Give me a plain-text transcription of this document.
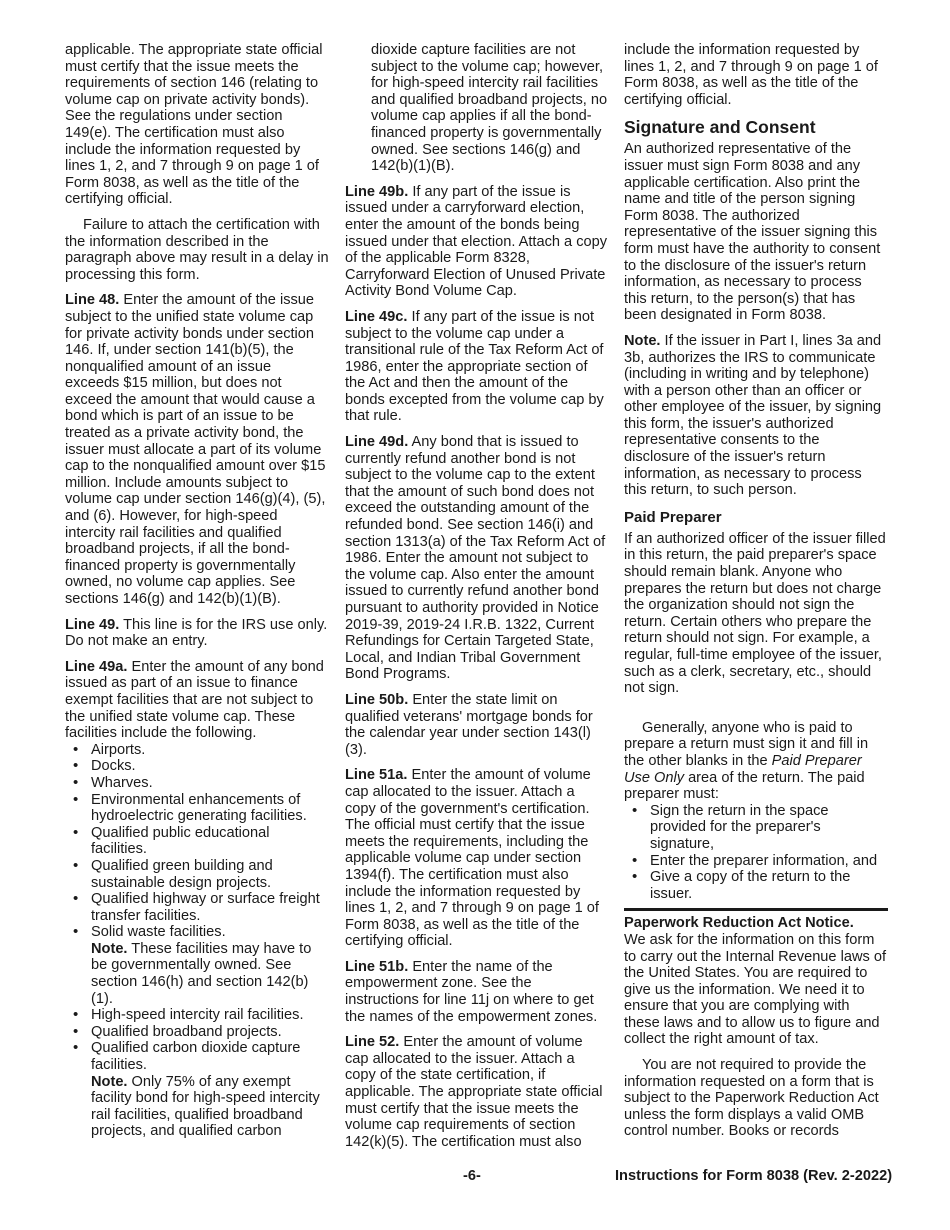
applicable. The appropriate state official must certify that the issue meets the requirements of section 146 (relating to volume cap on private activity bonds). See the regulations under section 149(e). The certification must also include the information requested by lines 1, 2, and 7 through 9 on page 1 of Form 8038, as well as the title of the certifying official.

Failure to attach the certification with the information described in the paragraph above may result in a delay in processing this form.

Line 48. Enter the amount of the issue subject to the unified state volume cap for private activity bonds under section 146. If, under section 141(b)(5), the nonqualified amount of an issue exceeds $15 million, but does not exceed the amount that would cause a bond which is part of an issue to be treated as a private activity bond, the issuer must allocate a part of its volume cap to the nonqualified amount over $15 million. Include amounts subject to volume cap under section 146(g)(4), (5), and (6). However, for high-speed intercity rail facilities and qualified broadband projects, if all the bond-financed property is governmentally owned, no volume cap applies. See sections 146(g) and 142(b)(1)(B).

Line 49. This line is for the IRS use only. Do not make an entry.

Line 49a. Enter the amount of any bond issued as part of an issue to finance exempt facilities that are not subject to the unified state volume cap. These facilities include the following.

• Airports.
• Docks.
• Wharves.
• Environmental enhancements of hydroelectric generating facilities.
• Qualified public educational facilities.
• Qualified green building and sustainable design projects.
• Qualified highway or surface freight transfer facilities.
• Solid waste facilities.
Note. These facilities may have to be governmentally owned. See section 146(h) and section 142(b)(1).
• High-speed intercity rail facilities.
• Qualified broadband projects.
• Qualified carbon dioxide capture facilities.
Note. Only 75% of any exempt facility bond for high-speed intercity rail facilities, qualified broadband projects, and qualified carbon

dioxide capture facilities are not subject to the volume cap; however, for high-speed intercity rail facilities and qualified broadband projects, no volume cap applies if all the bond-financed property is governmentally owned. See sections 146(g) and 142(b)(1)(B).

Line 49b. If any part of the issue is issued under a carryforward election, enter the amount of the bonds being issued under that election. Attach a copy of the applicable Form 8328, Carryforward Election of Unused Private Activity Bond Volume Cap.

Line 49c. If any part of the issue is not subject to the volume cap under a transitional rule of the Tax Reform Act of 1986, enter the appropriate section of the Act and then the amount of the bonds excepted from the volume cap by that rule.

Line 49d. Any bond that is issued to currently refund another bond is not subject to the volume cap to the extent that the amount of such bond does not exceed the outstanding amount of the refunded bond. See section 146(i) and section 1313(a) of the Tax Reform Act of 1986. Enter the amount not subject to the volume cap. Also enter the amount issued to currently refund another bond pursuant to authority provided in Notice 2019-39, 2019-24 I.R.B. 1322, Current Refundings for Certain Targeted State, Local, and Indian Tribal Government Bond Programs.

Line 50b. Enter the state limit on qualified veterans' mortgage bonds for the calendar year under section 143(l)(3).

Line 51a. Enter the amount of volume cap allocated to the issuer. Attach a copy of the government's certification. The official must certify that the issue meets the requirements, including the applicable volume cap under section 1394(f). The certification must also include the information requested by lines 1, 2, and 7 through 9 on page 1 of Form 8038, as well as the title of the certifying official.

Line 51b. Enter the name of the empowerment zone. See the instructions for line 11j on where to get the names of the empowerment zones.

Line 52. Enter the amount of volume cap allocated to the issuer. Attach a copy of the state certification, if applicable. The appropriate state official must certify that the issue meets the volume cap requirements of section 142(k)(5). The certification must also

include the information requested by lines 1, 2, and 7 through 9 on page 1 of Form 8038, as well as the title of the certifying official.

Signature and Consent

An authorized representative of the issuer must sign Form 8038 and any applicable certification. Also print the name and title of the person signing Form 8038. The authorized representative of the issuer signing this form must have the authority to consent to the disclosure of the issuer's return information, as necessary to process this return, to the person(s) that has been designated in Form 8038.

Note. If the issuer in Part I, lines 3a and 3b, authorizes the IRS to communicate (including in writing and by telephone) with a person other than an officer or other employee of the issuer, by signing this form, the issuer's authorized representative consents to the disclosure of the issuer's return information, as necessary to process this return, to such person.

Paid Preparer

If an authorized officer of the issuer filled in this return, the paid preparer's space should remain blank. Anyone who prepares the return but does not charge the organization should not sign the return. Certain others who prepare the return should not sign. For example, a regular, full-time employee of the issuer, such as a clerk, secretary, etc., should not sign.

Generally, anyone who is paid to prepare a return must sign it and fill in the other blanks in the Paid Preparer Use Only area of the return. The paid preparer must:

• Sign the return in the space provided for the preparer's signature,
• Enter the preparer information, and
• Give a copy of the return to the issuer.

Paperwork Reduction Act Notice.

We ask for the information on this form to carry out the Internal Revenue laws of the United States. You are required to give us the information. We need it to ensure that you are complying with these laws and to allow us to figure and collect the right amount of tax.

You are not required to provide the information requested on a form that is subject to the Paperwork Reduction Act unless the form displays a valid OMB control number. Books or records

-6-	Instructions for Form 8038 (Rev. 2-2022)
